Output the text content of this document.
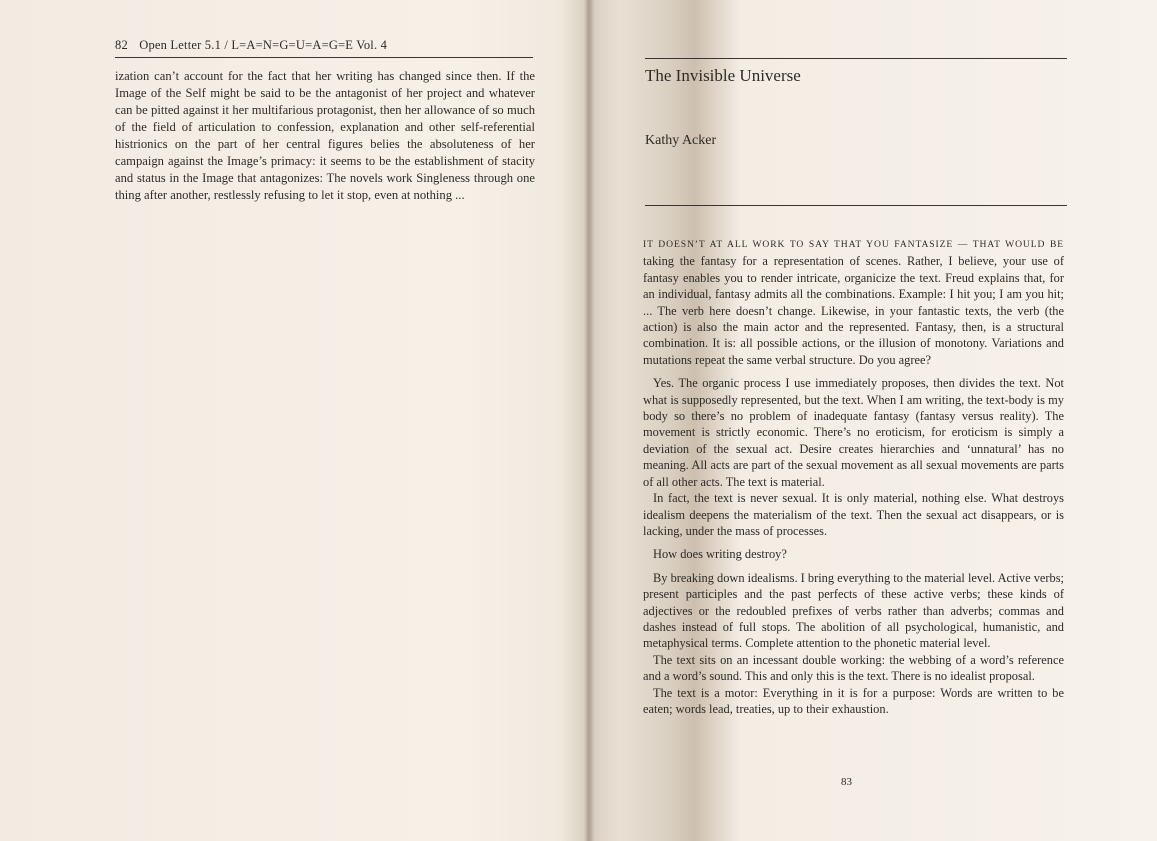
82 Open Letter 5.1 / L=A=N=G=U=A=G=E Vol. 4
ization can’t account for the fact that her writing has changed since then. If the Image of the Self might be said to be the antagonist of her project and whatever can be pitted against it her multifarious protagonist, then her allowance of so much of the field of articulation to confession, explanation and other self-referential histrionics on the part of her central figures belies the absoluteness of her campaign against the Image’s primacy: it seems to be the establishment of stacity and status in the Image that antagonizes: The novels work Singleness through one thing after another, restlessly refusing to let it stop, even at nothing ...
The Invisible Universe
Kathy Acker

IT DOESN’T AT ALL WORK TO SAY THAT YOU FANTASIZE — THAT WOULD BE taking the fantasy for a representation of scenes. Rather, I believe, your use of fantasy enables you to render intricate, organicize the text. Freud explains that, for an individual, fantasy admits all the combinations. Example: I hit you; I am you hit; ... The verb here doesn’t change. Likewise, in your fantastic texts, the verb (the action) is also the main actor and the represented. Fantasy, then, is a structural combination. It is: all possible actions, or the illusion of monotony. Variations and mutations repeat the same verbal structure. Do you agree?

Yes. The organic process I use immediately proposes, then divides the text. Not what is supposedly represented, but the text. When I am writing, the text-body is my body so there’s no problem of inadequate fantasy (fantasy versus reality). The movement is strictly economic. There’s no eroticism, for eroticism is simply a deviation of the sexual act. Desire creates hierarchies and ‘unnatural’ has no meaning. All acts are part of the sexual movement as all sexual movements are parts of all other acts. The text is material.

In fact, the text is never sexual. It is only material, nothing else. What destroys idealism deepens the materialism of the text. Then the sexual act disappears, or is lacking, under the mass of processes.

How does writing destroy?

By breaking down idealisms. I bring everything to the material level. Active verbs; present participles and the past perfects of these active verbs; these kinds of adjectives or the redoubled prefixes of verbs rather than adverbs; commas and dashes instead of full stops. The abolition of all psychological, humanistic, and metaphysical terms. Complete attention to the phonetic material level.

The text sits on an incessant double working: the webbing of a word’s reference and a word’s sound. This and only this is the text. There is no idealist proposal.

The text is a motor: Everything in it is for a purpose: Words are written to be eaten; words lead, treaties, up to their exhaustion.

83
